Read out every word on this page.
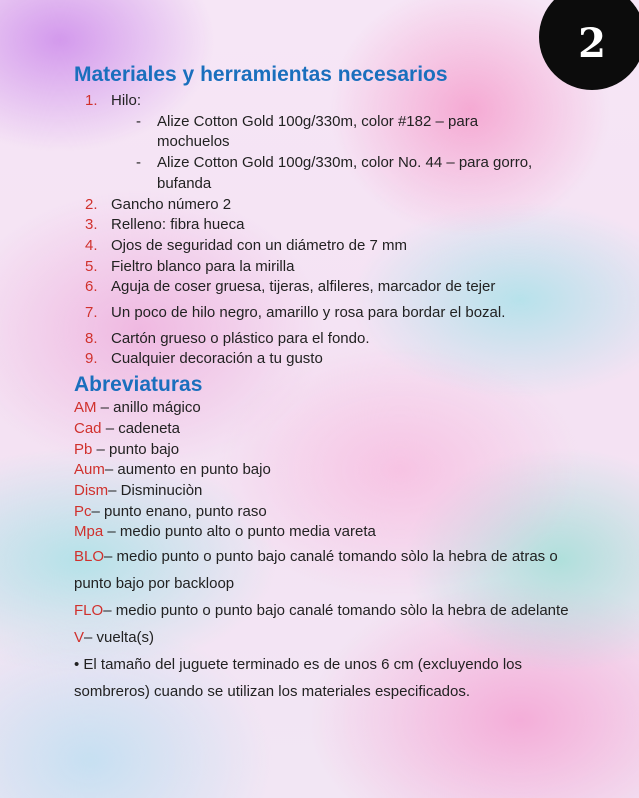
2
Materiales y herramientas necesarios
1. Hilo:
-	Alize Cotton Gold 100g/330m, color #182 – para mochuelos
-	Alize Cotton Gold 100g/330m, color No. 44 – para gorro, bufanda
2. Gancho número 2
3. Relleno: fibra hueca
4. Ojos de seguridad con un diámetro de 7 mm
5. Fieltro blanco para la mirilla
6. Aguja de coser gruesa, tijeras, alfileres, marcador de tejer
7. Un poco de hilo negro, amarillo y rosa para bordar el bozal.
8. Cartón grueso o plástico para el fondo.
9. Cualquier decoración a tu gusto
Abreviaturas

AM – anillo mágico

Cad – cadeneta

Pb – punto bajo

Aum– aumento en punto bajo

Dism– Disminuciòn

Pc– punto enano, punto raso

Mpa – medio punto alto o punto media vareta

BLO– medio punto o punto bajo canalé tomando sòlo la hebra de atras o punto bajo por backloop

FLO– medio punto o punto bajo canalé tomando sòlo la hebra de adelante

V– vuelta(s)

• El tamaño del juguete terminado es de unos 6 cm (excluyendo los sombreros) cuando se utilizan los materiales especificados.
